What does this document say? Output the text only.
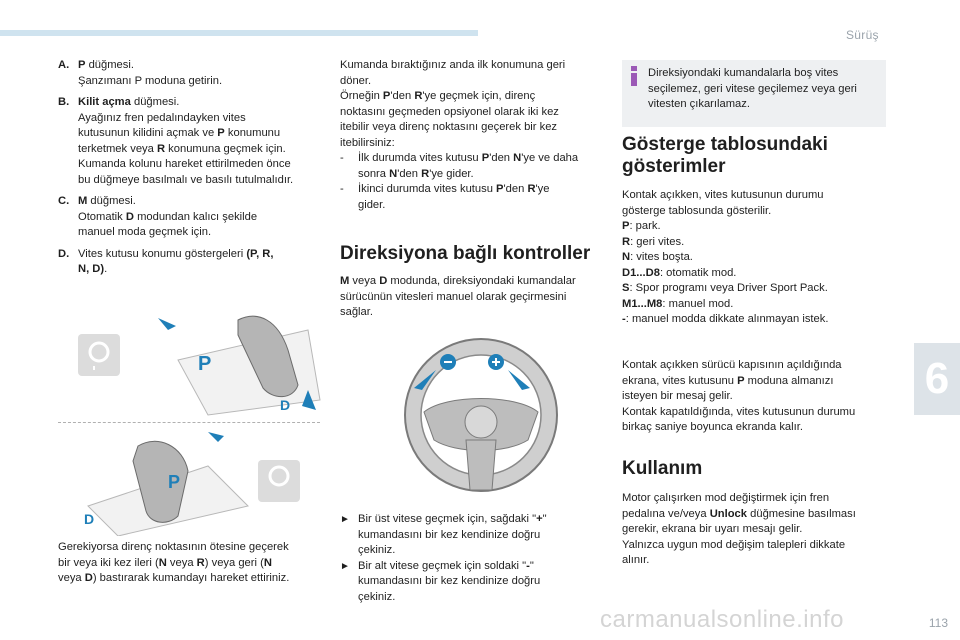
Sürüş
6
carmanualsonline.info	113
A. P düğmesi.
Şanzımanı P moduna getirin.
B. Kilit açma düğmesi.
Ayağınız fren pedalındayken vites
kutusunun kilidini açmak ve P konumunu
terketmek veya R konumuna geçmek için.
Kumanda kolunu hareket ettirilmeden önce
bu düğmeye basılmalı ve basılı tutulmalıdır.
C. M düğmesi.
Otomatik D modundan kalıcı şekilde
manuel moda geçmek için.
D. Vites kutusu konumu göstergeleri (P, R,
N, D).
P
D
P
D
Gerekiyorsa direnç noktasının ötesine geçerek
bir veya iki kez ileri (N veya R) veya geri (N
veya D) bastırarak kumandayı hareket ettiriniz.
Kumanda bıraktığınız anda ilk konumuna geri
döner.
Örneğin P'den R'ye geçmek için, direnç
noktasını geçmeden opsiyonel olarak iki kez
itebilir veya direnç noktasını geçerek bir kez
itebilirsiniz:
-	İlk durumda vites kutusu P'den N'ye ve daha
sonra N'den R'ye gider.
-	İkinci durumda vites kutusu P'den R'ye
gider.
Direksiyona bağlı kontroller
M veya D modunda, direksiyondaki kumandalar
sürücünün vitesleri manuel olarak geçirmesini
sağlar.
► Bir üst vitese geçmek için, sağdaki "+"
kumandasını bir kez kendinize doğru
çekiniz.
► Bir alt vitese geçmek için soldaki "-"
kumandasını bir kez kendinize doğru
çekiniz.
Direksiyondaki kumandalarla boş vites
seçilemez, geri vitese geçilemez veya geri
vitesten çıkarılamaz.
Gösterge tablosundaki
gösterimler
Kontak açıkken, vites kutusunun durumu
gösterge tablosunda gösterilir.
P: park.
R: geri vites.
N: vites boşta.
D1...D8: otomatik mod.
S: Spor programı veya Driver Sport Pack.
M1...M8: manuel mod.
-: manuel modda dikkate alınmayan istek.
Kontak açıkken sürücü kapısının açıldığında
ekrana, vites kutusunu P moduna almanızı
isteyen bir mesaj gelir.
Kontak kapatıldığında, vites kutusunun durumu
birkaç saniye boyunca ekranda kalır.
Kullanım
Motor çalışırken mod değiştirmek için fren
pedalına ve/veya Unlock düğmesine basılması
gerekir, ekrana bir uyarı mesajı gelir.
Yalnızca uygun mod değişim talepleri dikkate
alınır.
